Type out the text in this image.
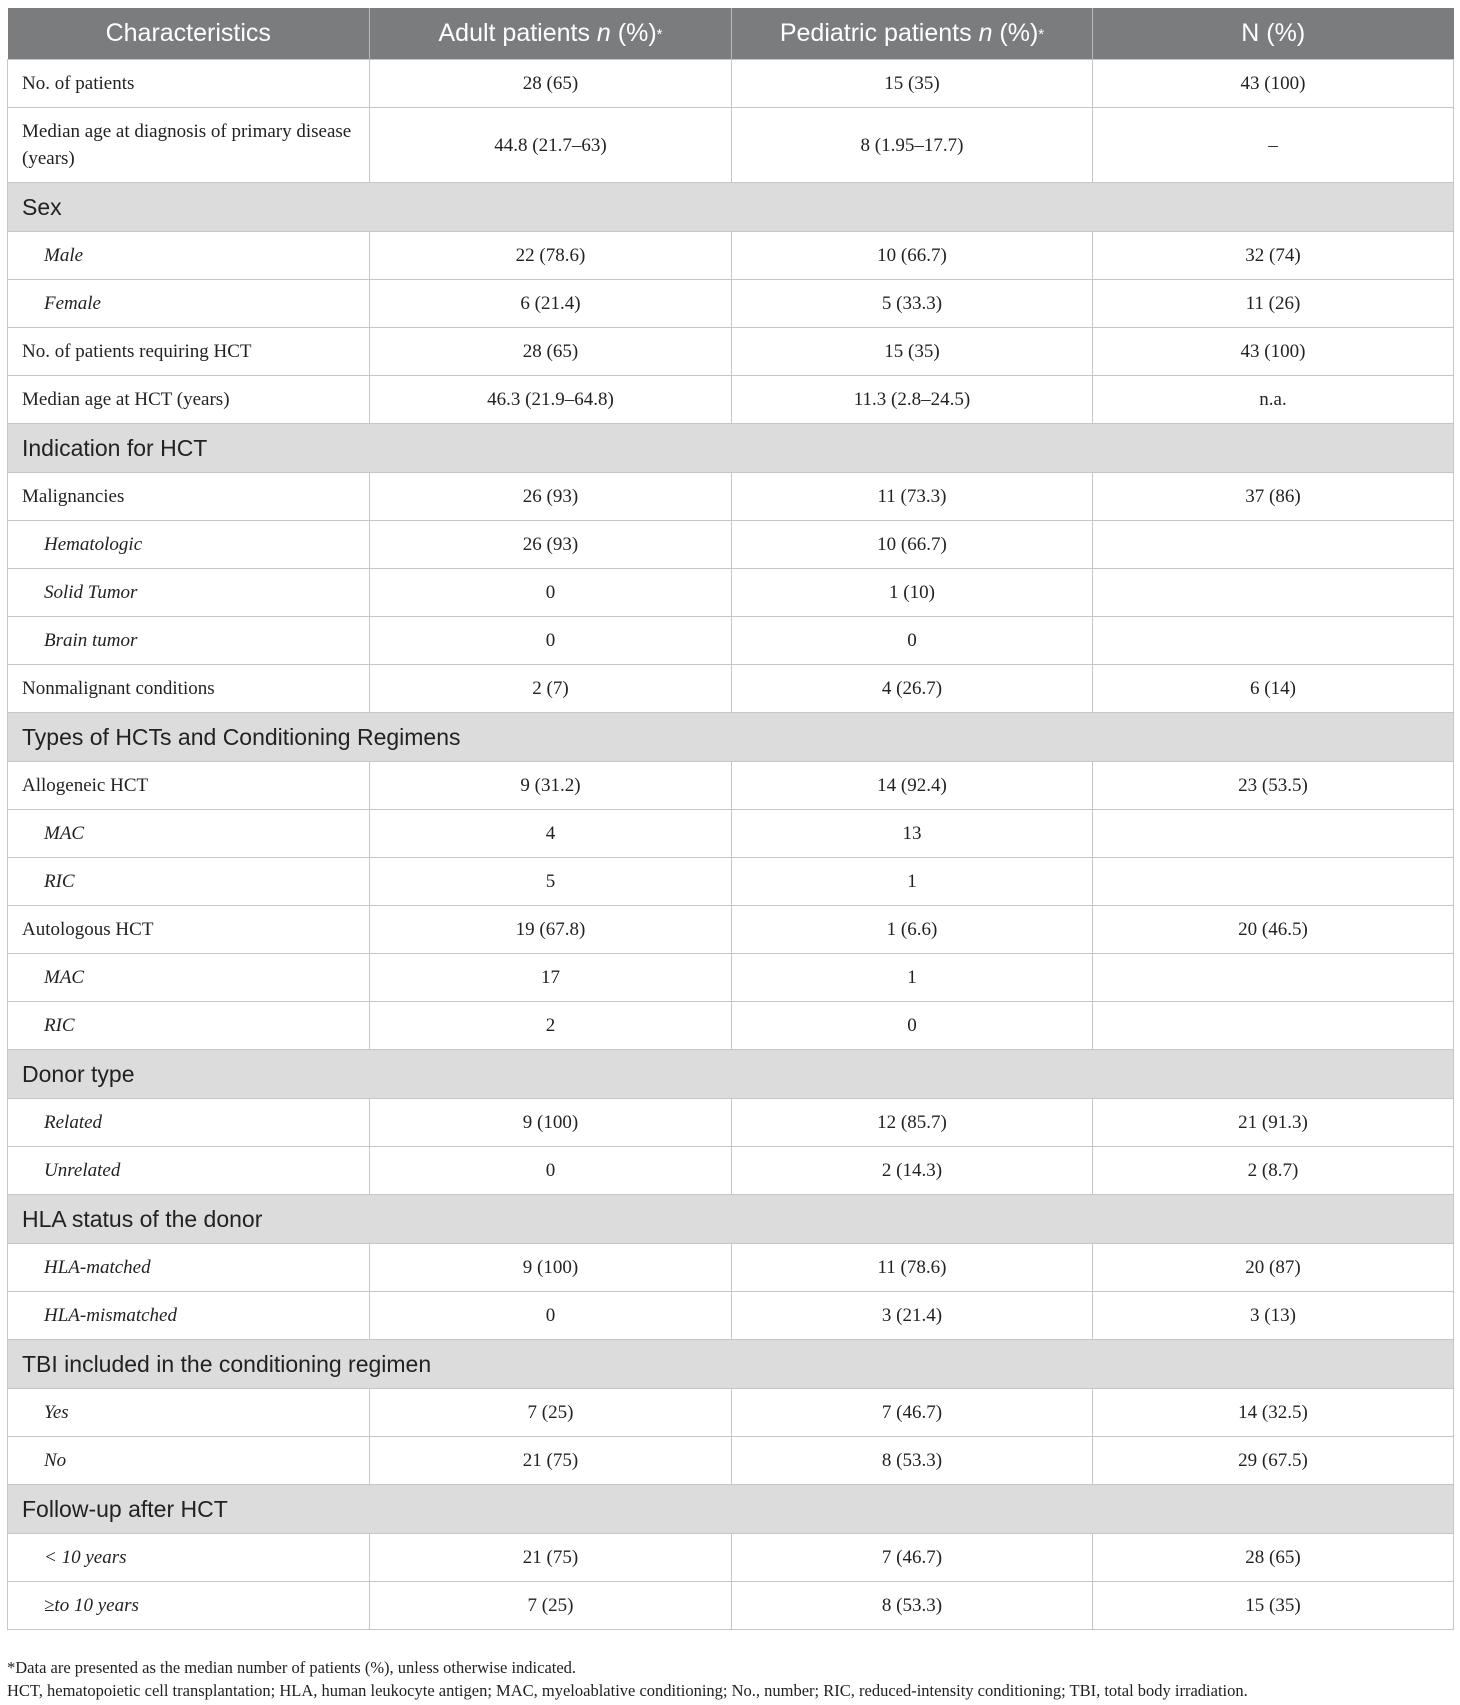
Characteristics	Adult patients n (%)*	Pediatric patients n (%)*	N (%)
No. of patients	28 (65)	15 (35)	43 (100)
Median age at diagnosis of primary disease (years)	44.8 (21.7–63)	8 (1.95–17.7)	–
Sex			
Male	22 (78.6)	10 (66.7)	32 (74)
Female	6 (21.4)	5 (33.3)	11 (26)
No. of patients requiring HCT	28 (65)	15 (35)	43 (100)
Median age at HCT (years)	46.3 (21.9–64.8)	11.3 (2.8–24.5)	n.a.
Indication for HCT			
Malignancies	26 (93)	11 (73.3)	37 (86)
Hematologic	26 (93)	10 (66.7)	
Solid Tumor	0	1 (10)	
Brain tumor	0	0	
Nonmalignant conditions	2 (7)	4 (26.7)	6 (14)
Types of HCTs and Conditioning Regimens			
Allogeneic HCT	9 (31.2)	14 (92.4)	23 (53.5)
MAC	4	13	
RIC	5	1	
Autologous HCT	19 (67.8)	1 (6.6)	20 (46.5)
MAC	17	1	
RIC	2	0	
Donor type			
Related	9 (100)	12 (85.7)	21 (91.3)
Unrelated	0	2 (14.3)	2 (8.7)
HLA status of the donor			
HLA-matched	9 (100)	11 (78.6)	20 (87)
HLA-mismatched	0	3 (21.4)	3 (13)
TBI included in the conditioning regimen			
Yes	7 (25)	7 (46.7)	14 (32.5)
No	21 (75)	8 (53.3)	29 (67.5)
Follow-up after HCT			
< 10 years	21 (75)	7 (46.7)	28 (65)
≥to 10 years	7 (25)	8 (53.3)	15 (35)
*Data are presented as the median number of patients (%), unless otherwise indicated.
HCT, hematopoietic cell transplantation; HLA, human leukocyte antigen; MAC, myeloablative conditioning; No., number; RIC, reduced-intensity conditioning; TBI, total body irradiation.
